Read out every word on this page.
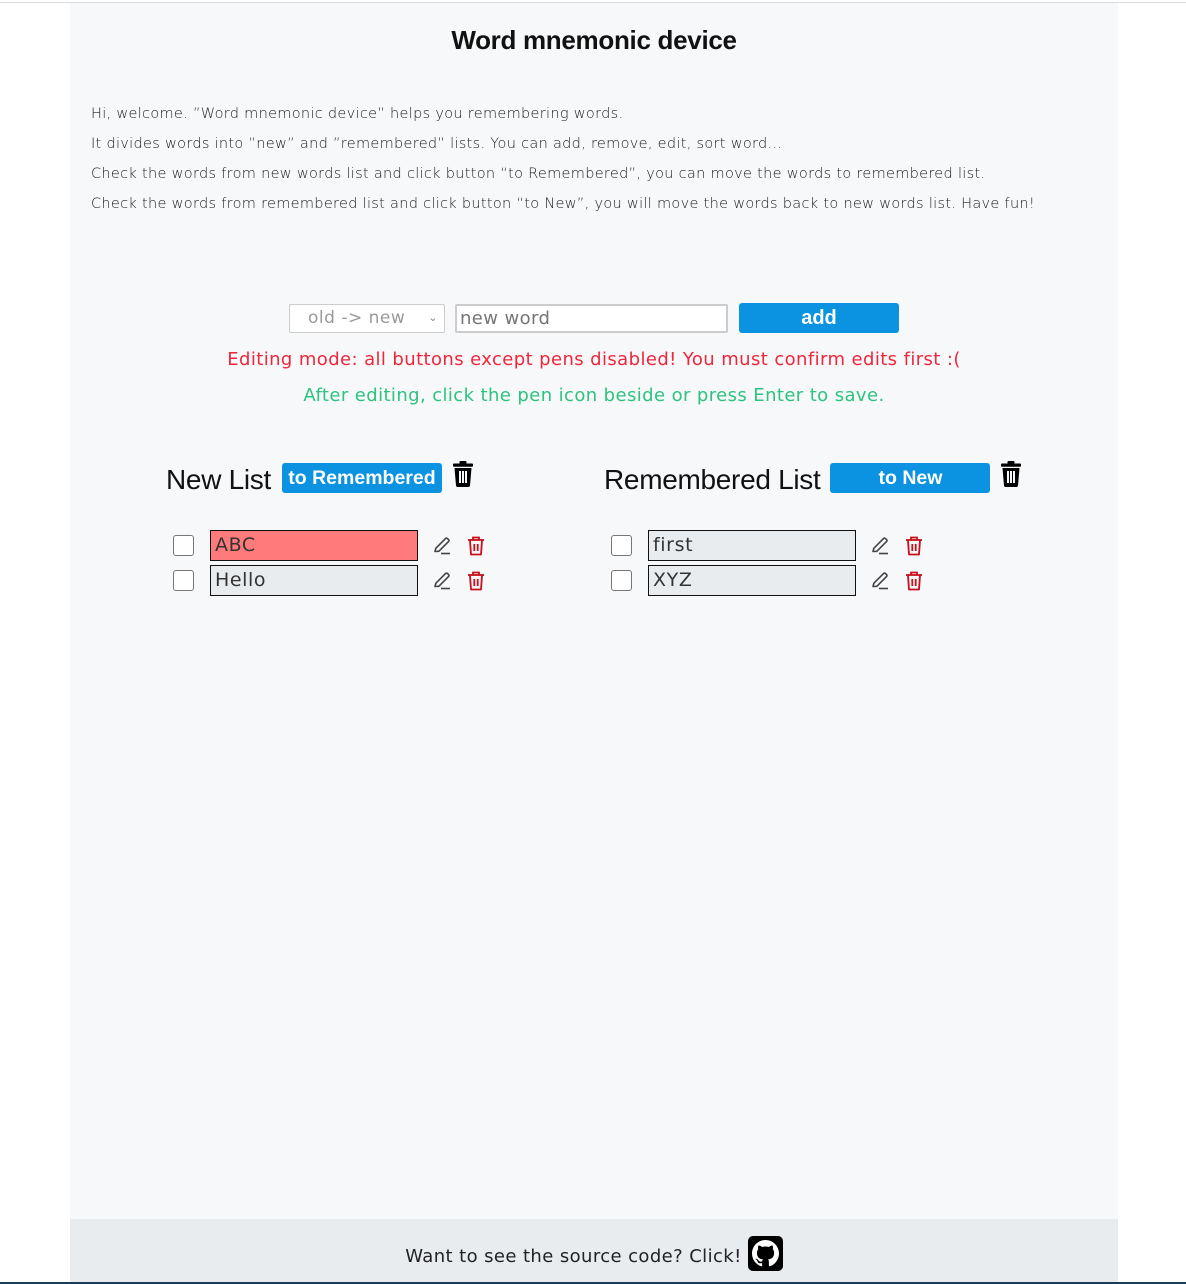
Word mnemonic device

Hi, welcome. ”Word mnemonic device” helps you remembering words.

It divides words into ”new” and ”remembered” lists. You can add, remove, edit, sort word...

Check the words from new words list and click button “to Remembered”, you can move the words to remembered list.

Check the words from remembered list and click button “to New”, you will move the words back to new words list. Have fun!

old -> new ⌄
new word	add
Editing mode: all buttons except pens disabled! You must confirm edits first :(
After editing, click the pen icon beside or press Enter to save.
New List to Remembered
ABC
Hello
Remembered List	to New
first
XYZ
Want to see the source code? Click!
